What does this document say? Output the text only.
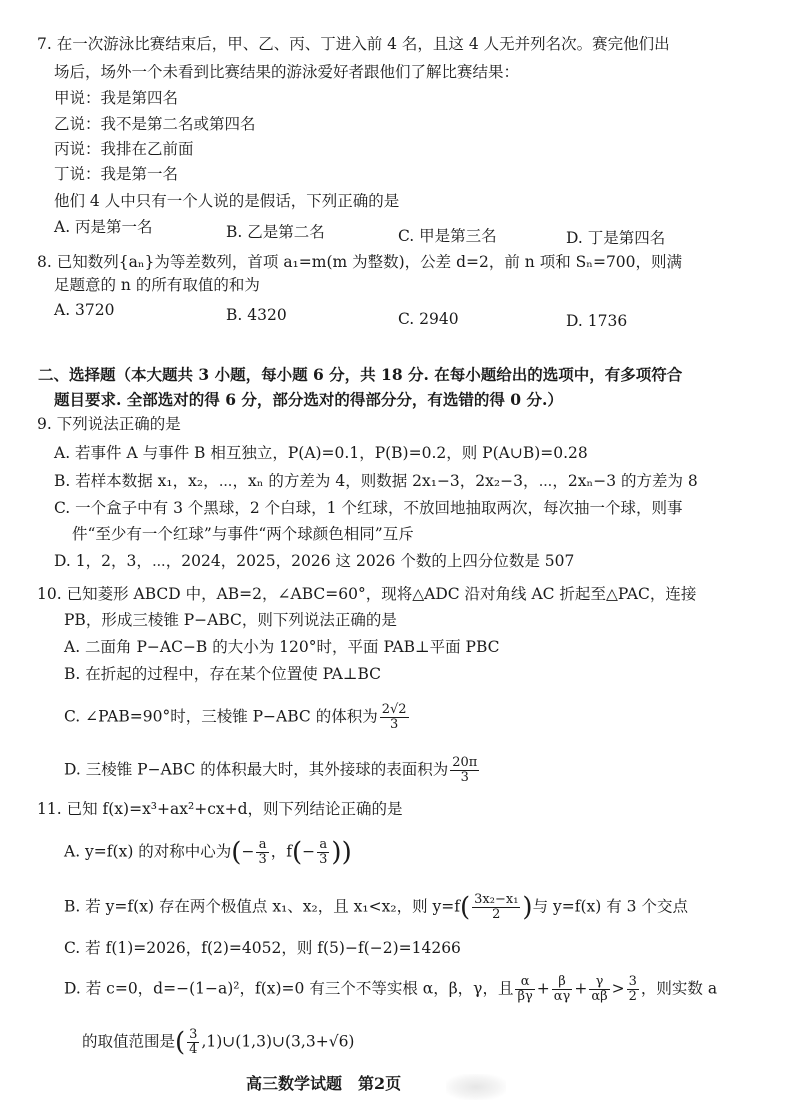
7. 在一次游泳比赛结束后，甲、乙、丙、丁进入前 4 名，且这 4 人无并列名次。赛完他们出
场后，场外一个未看到比赛结果的游泳爱好者跟他们了解比赛结果：
甲说：我是第四名
乙说：我不是第二名或第四名
丙说：我排在乙前面
丁说：我是第一名
他们 4 人中只有一个人说的是假话，下列正确的是
A. 丙是第一名	B. 乙是第二名	C. 甲是第三名	D. 丁是第四名
8. 已知数列{aₙ}为等差数列，首项 a₁=m(m 为整数)，公差 d=2，前 n 项和 Sₙ=700，则满
足题意的 n 的所有取值的和为
A. 3720	B. 4320	C. 2940	D. 1736
二、选择题（本大题共 3 小题，每小题 6 分，共 18 分. 在每小题给出的选项中，有多项符合
题目要求. 全部选对的得 6 分，部分选对的得部分分，有选错的得 0 分.）
9. 下列说法正确的是
A. 若事件 A 与事件 B 相互独立，P(A)=0.1，P(B)=0.2，则 P(A∪B)=0.28
B. 若样本数据 x₁，x₂，⋯，xₙ 的方差为 4，则数据 2x₁−3，2x₂−3，⋯，2xₙ−3 的方差为 8
C. 一个盒子中有 3 个黑球，2 个白球，1 个红球，不放回地抽取两次，每次抽一个球，则事
件“至少有一个红球”与事件“两个球颜色相同”互斥
D. 1，2，3，⋯，2024，2025，2026 这 2026 个数的上四分位数是 507
10. 已知菱形 ABCD 中，AB=2，∠ABC=60°，现将△ADC 沿对角线 AC 折起至△PAC，连接
PB，形成三棱锥 P−ABC，则下列说法正确的是
A. 二面角 P−AC−B 的大小为 120°时，平面 PAB⊥平面 PBC
B. 在折起的过程中，存在某个位置使 PA⊥BC
C. ∠PAB=90°时，三棱锥 P−ABC 的体积为 $\frac{2√2}{3}$
D. 三棱锥 P−ABC 的体积最大时，其外接球的表面积为 $\frac{20\pi}{3}$
11. 已知 f(x)=x³+ax²+cx+d，则下列结论正确的是
A. y=f(x) 的对称中心为(− $\frac{a}{3}$ ，$f(- \frac{a}{3}$ ))
B. 若 y=f(x) 存在两个极值点 x₁、x₂，且 x₁<x₂，则 $y=f( \frac{\text{3x₂−x₁}}{2}$ )与 y=f(x) 有 3 个交点
C. 若 f(1)=2026，f(2)=4052，则 f(5)−f(−2)=14266
D. 若 c=0，d=−(1−a)²，f(x)=0 有三个不等实根 α，β，γ，且 $\frac{\alpha}{\beta\gamma} + \frac{\beta}{\alpha\gamma} + \frac{\gamma}{\alpha\beta} > \frac{3}{2}$ ，则实数 a
的取值范围是( $\frac{3}{4}$ ,1)∪(1,3)∪(3,3+√6)
高三数学试题　第2页
